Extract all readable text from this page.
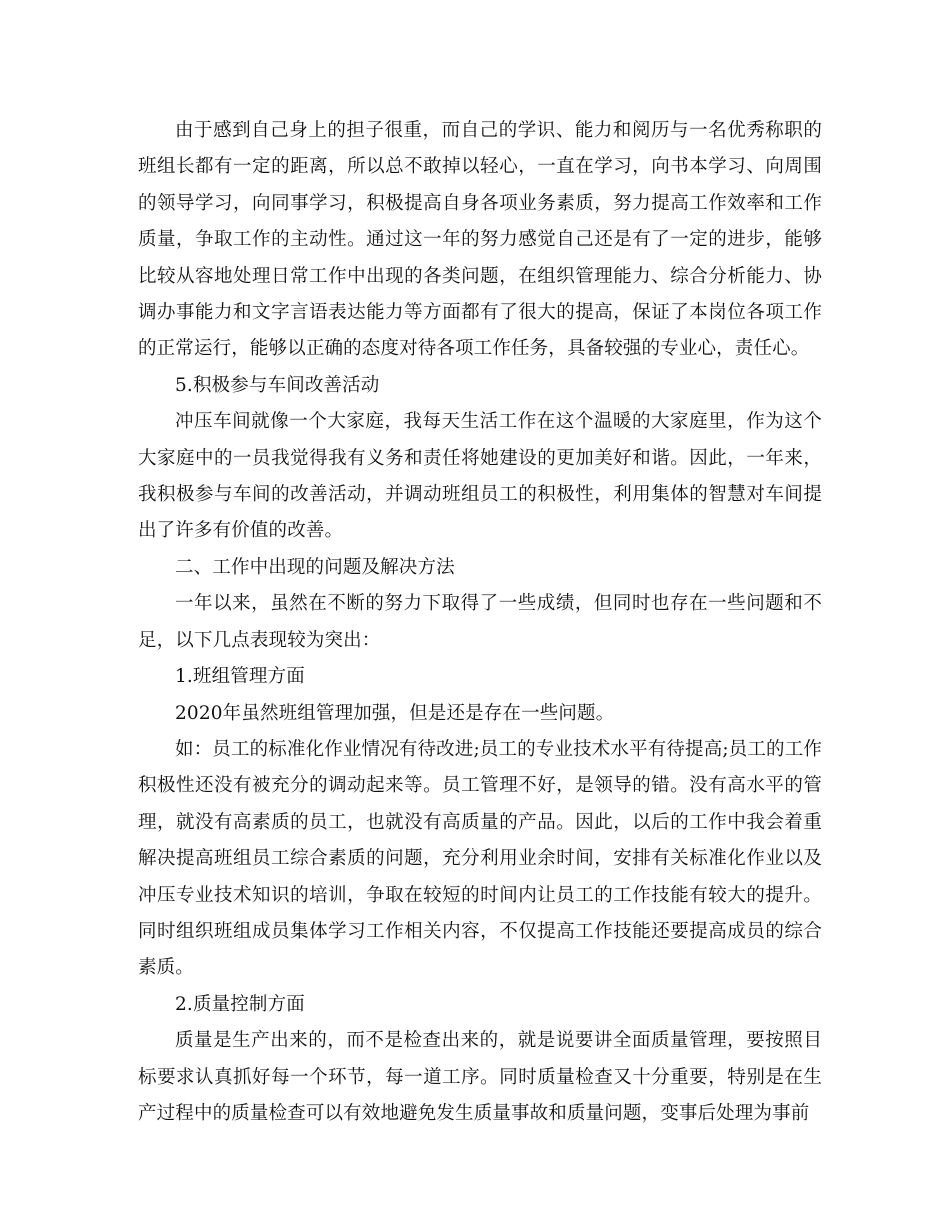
由于感到自己身上的担子很重，而自己的学识、能力和阅历与一名优秀称职的班组长都有一定的距离，所以总不敢掉以轻心，一直在学习，向书本学习、向周围的领导学习，向同事学习，积极提高自身各项业务素质，努力提高工作效率和工作质量，争取工作的主动性。通过这一年的努力感觉自己还是有了一定的进步，能够比较从容地处理日常工作中出现的各类问题，在组织管理能力、综合分析能力、协调办事能力和文字言语表达能力等方面都有了很大的提高，保证了本岗位各项工作的正常运行，能够以正确的态度对待各项工作任务，具备较强的专业心，责任心。

5.积极参与车间改善活动

冲压车间就像一个大家庭，我每天生活工作在这个温暖的大家庭里，作为这个大家庭中的一员我觉得我有义务和责任将她建设的更加美好和谐。因此，一年来，我积极参与车间的改善活动，并调动班组员工的积极性，利用集体的智慧对车间提出了许多有价值的改善。

二、工作中出现的问题及解决方法

一年以来，虽然在不断的努力下取得了一些成绩，但同时也存在一些问题和不足，以下几点表现较为突出：

1.班组管理方面

2020年虽然班组管理加强，但是还是存在一些问题。

如：员工的标准化作业情况有待改进;员工的专业技术水平有待提高;员工的工作积极性还没有被充分的调动起来等。员工管理不好，是领导的错。没有高水平的管理，就没有高素质的员工，也就没有高质量的产品。因此，以后的工作中我会着重解决提高班组员工综合素质的问题，充分利用业余时间，安排有关标准化作业以及冲压专业技术知识的培训，争取在较短的时间内让员工的工作技能有较大的提升。同时组织班组成员集体学习工作相关内容，不仅提高工作技能还要提高成员的综合素质。

2.质量控制方面

质量是生产出来的，而不是检查出来的，就是说要讲全面质量管理，要按照目标要求认真抓好每一个环节，每一道工序。同时质量检查又十分重要，特别是在生产过程中的质量检查可以有效地避免发生质量事故和质量问题，变事后处理为事前
